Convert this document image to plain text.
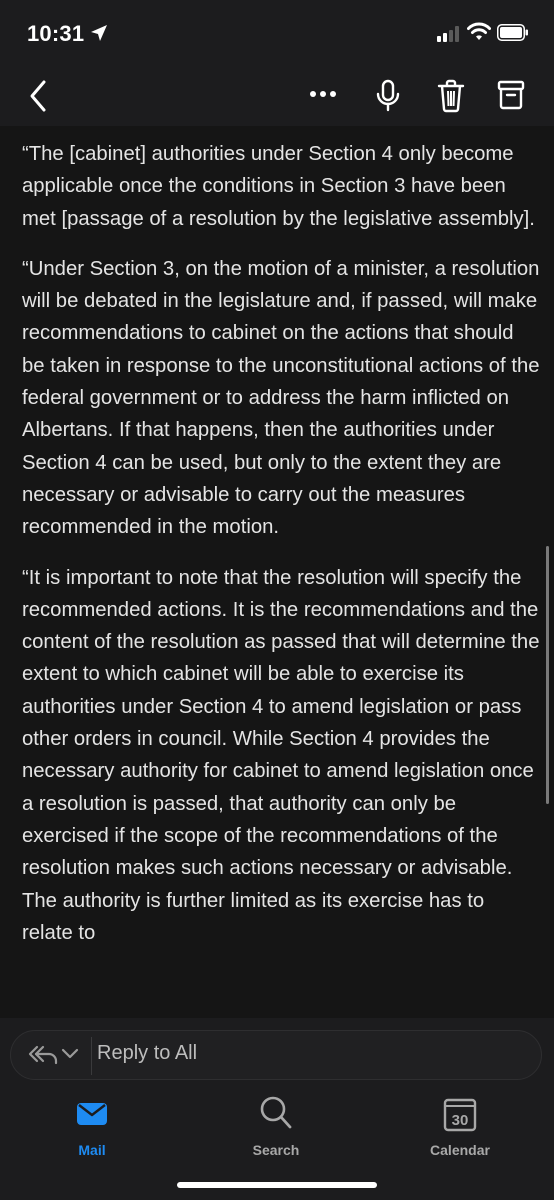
10:31

“The [cabinet] authorities under Section 4 only become applicable once the conditions in Section 3 have been met [passage of a resolution by the legislative assembly].

“Under Section 3, on the motion of a minister, a resolution will be debated in the legislature and, if passed, will make recommendations to cabinet on the actions that should be taken in response to the unconstitutional actions of the federal government or to address the harm inflicted on Albertans. If that happens, then the authorities under Section 4 can be used, but only to the extent they are necessary or advisable to carry out the measures recommended in the motion.

“It is important to note that the resolution will specify the recommended actions. It is the recommendations and the content of the resolution as passed that will determine the extent to which cabinet will be able to exercise its authorities under Section 4 to amend legislation or pass other orders in council. While Section 4 provides the necessary authority for cabinet to amend legislation once a resolution is passed, that authority can only be exercised if the scope of the recommendations of the resolution makes such actions necessary or advisable. The authority is further limited as its exercise has to relate to

Reply to All
Mail	Search
30
Calendar
